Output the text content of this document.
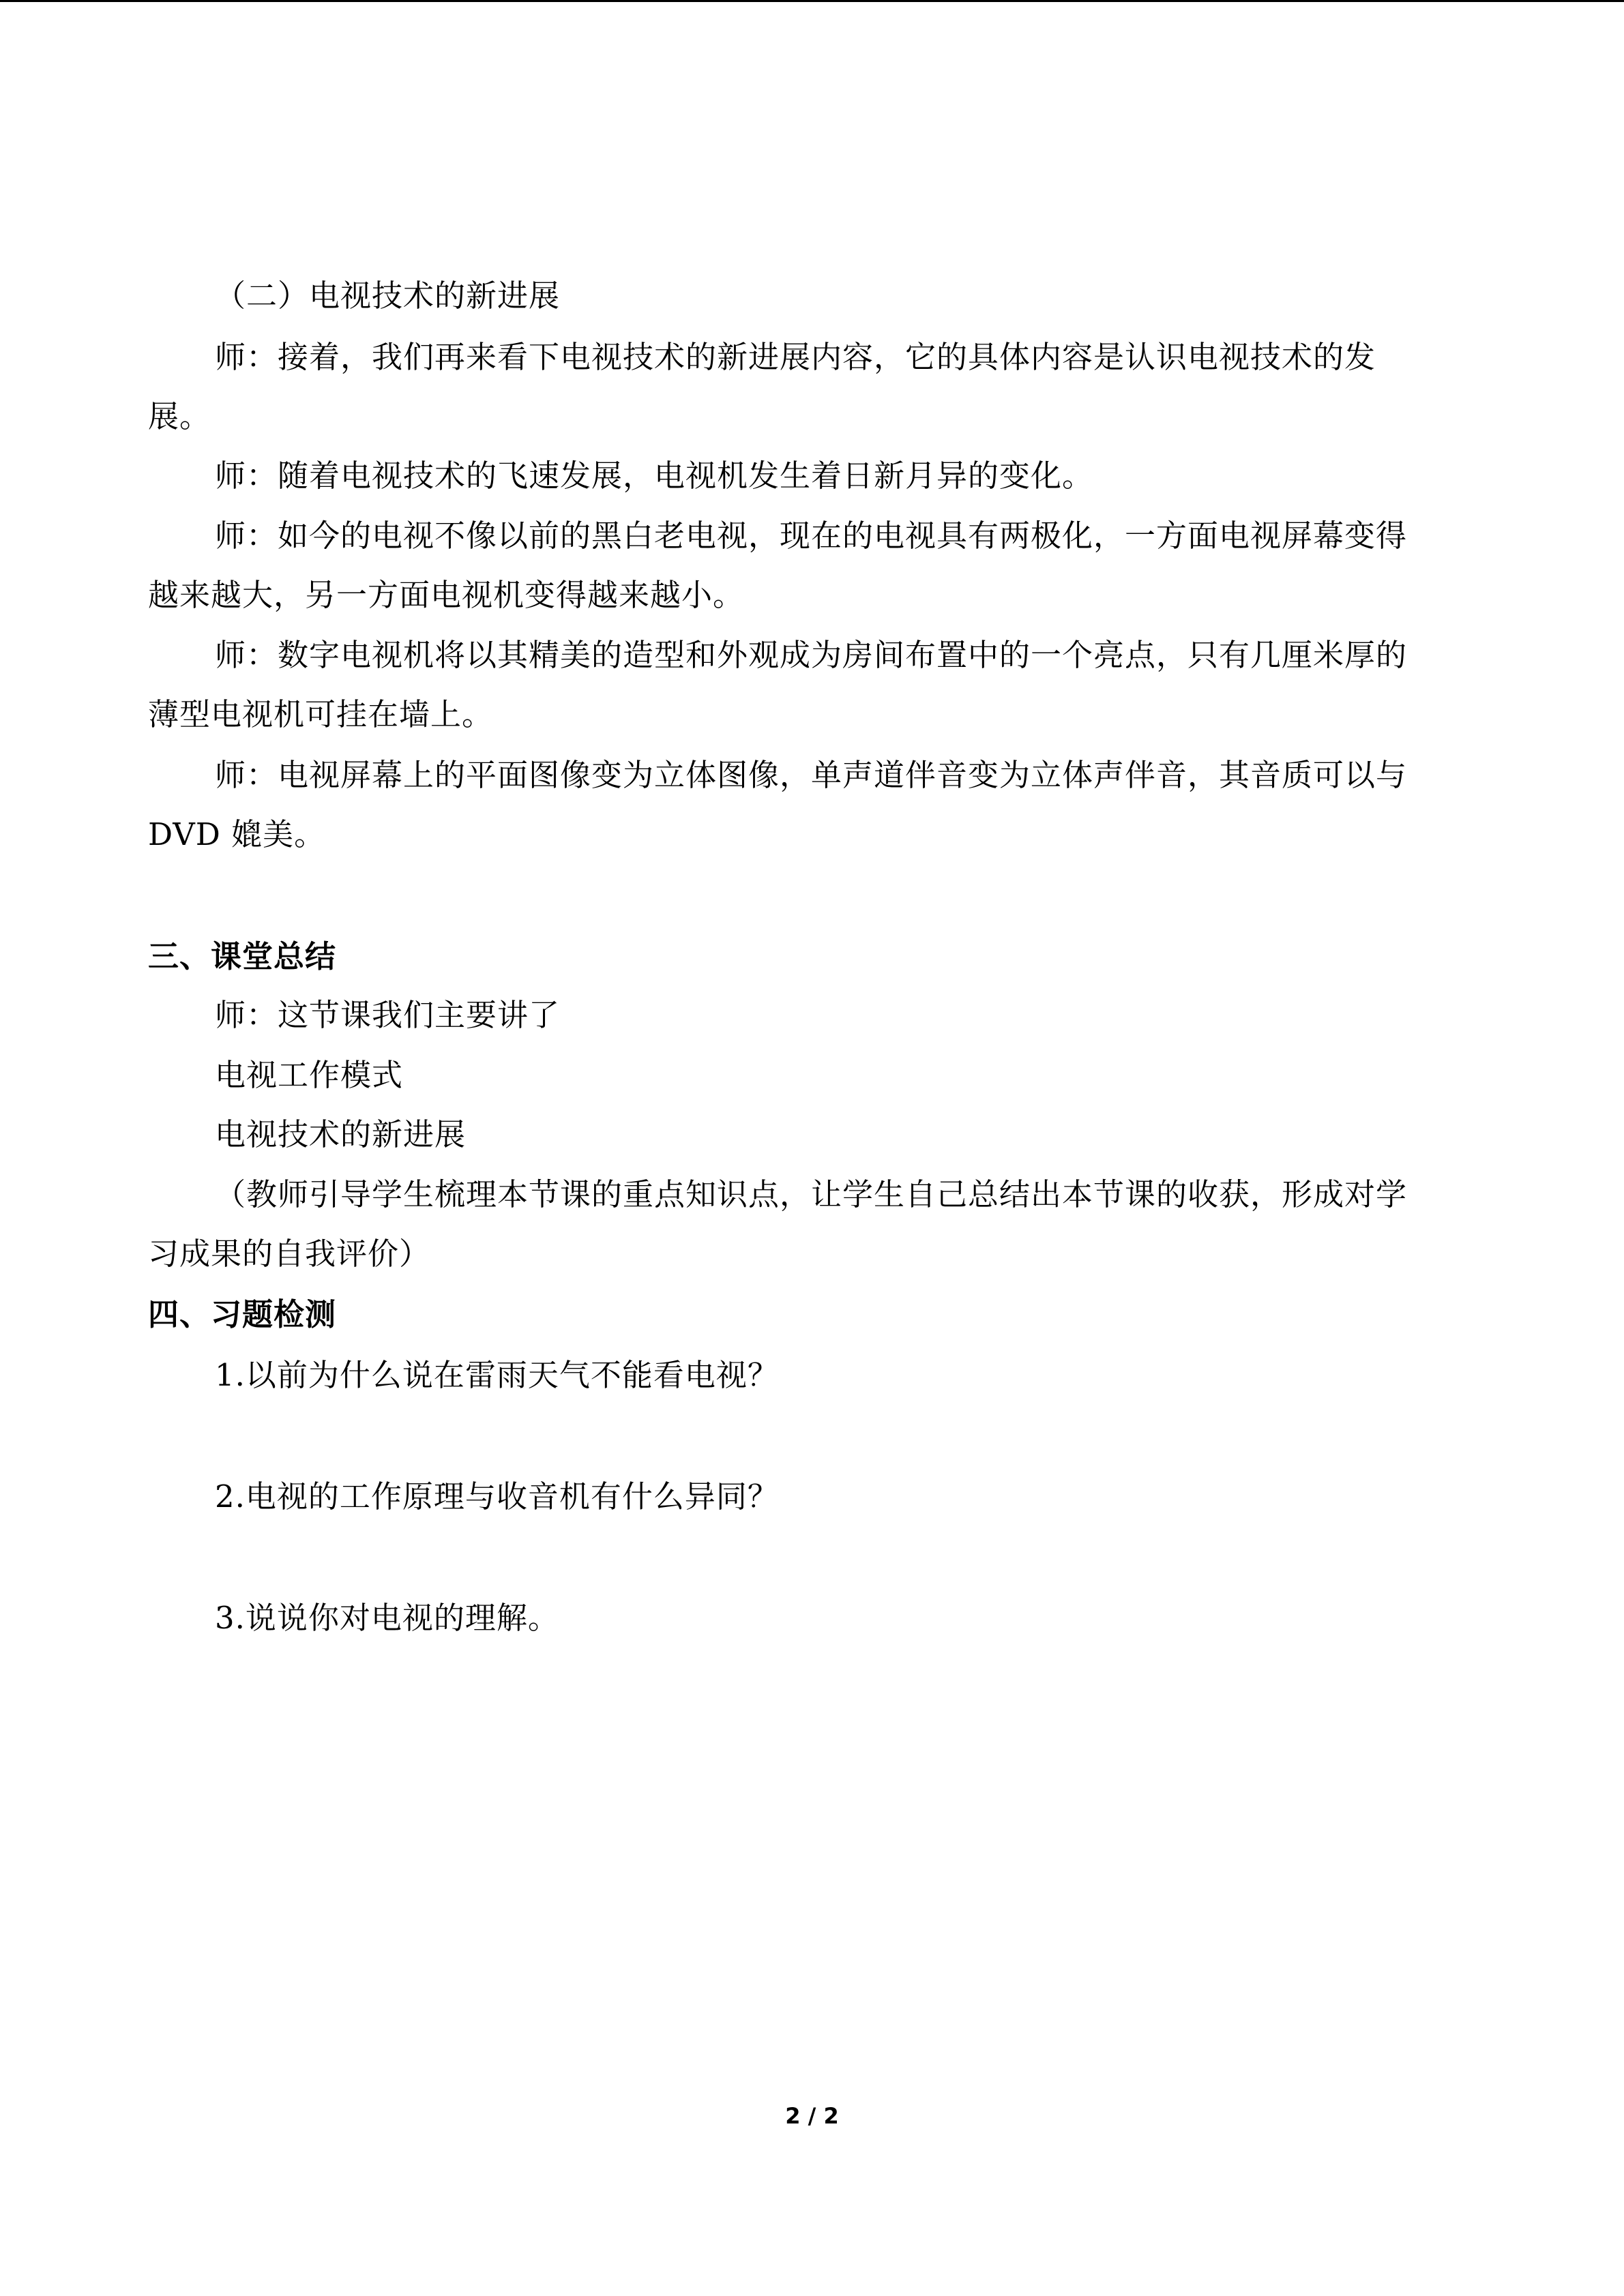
（二）电视技术的新进展
师：接着，我们再来看下电视技术的新进展内容，它的具体内容是认识电视技术的发
展。
师：随着电视技术的飞速发展，电视机发生着日新月异的变化。
师：如今的电视不像以前的黑白老电视，现在的电视具有两极化，一方面电视屏幕变得
越来越大，另一方面电视机变得越来越小。
师：数字电视机将以其精美的造型和外观成为房间布置中的一个亮点，只有几厘米厚的
薄型电视机可挂在墙上。
师：电视屏幕上的平面图像变为立体图像，单声道伴音变为立体声伴音，其音质可以与
DVD 媲美。
三、课堂总结
师：这节课我们主要讲了
电视工作模式
电视技术的新进展
（教师引导学生梳理本节课的重点知识点，让学生自己总结出本节课的收获，形成对学
习成果的自我评价）
四、习题检测
1.以前为什么说在雷雨天气不能看电视？
2.电视的工作原理与收音机有什么异同？
3.说说你对电视的理解。
2 / 2
